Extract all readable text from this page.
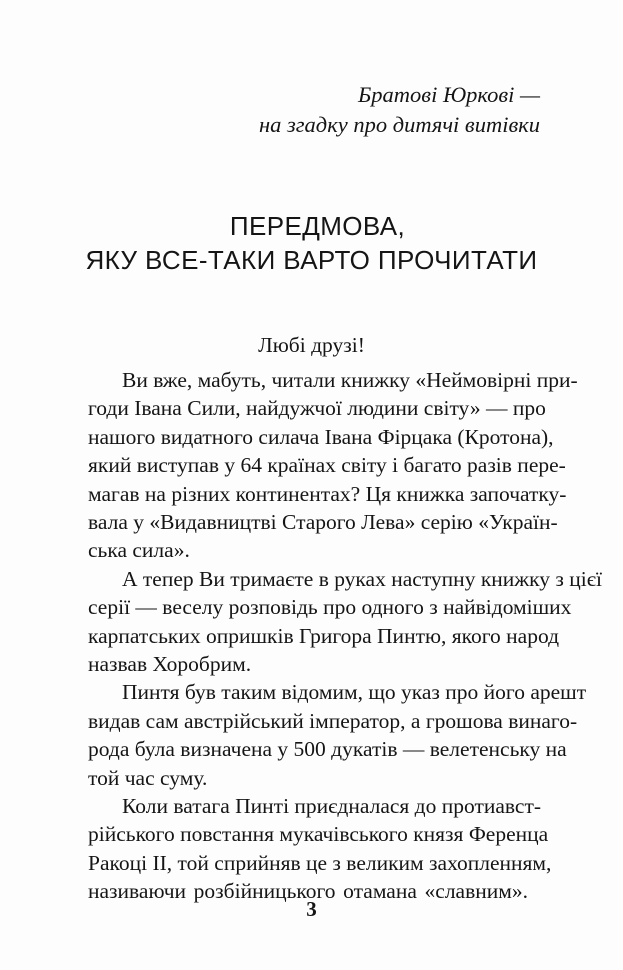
Братові Юркові —
на згадку про дитячі витівки
ПЕРЕДМОВА,
ЯКУ ВСЕ-ТАКИ ВАРТО ПРОЧИТАТИ
Любі друзі!
Ви вже, мабуть, читали книжку «Неймовірні при-
годи Івана Сили, найдужчої людини світу» — про
нашого видатного силача Івана Фірцака (Кротона),
який виступав у 64 країнах світу і багато разів пере-
магав на різних континентах? Ця книжка започатку-
вала у «Видавництві Старого Лева» серію «Україн-
ська сила».
А тепер Ви тримаєте в руках наступну книжку з цієї
серії — веселу розповідь про одного з найвідоміших
карпатських опришків Григора Пинтю, якого народ
назвав Хоробрим.
Пинтя був таким відомим, що указ про його арешт
видав сам австрійський імператор, а грошова винаго-
рода була визначена у 500 дукатів — велетенську на
той час суму.
Коли ватага Пинті приєдналася до протиавст-
рійського повстання мукачівського князя Ференца
Ракоці II, той сприйняв це з великим захопленням,
називаючи розбійницького отамана «славним».
3
